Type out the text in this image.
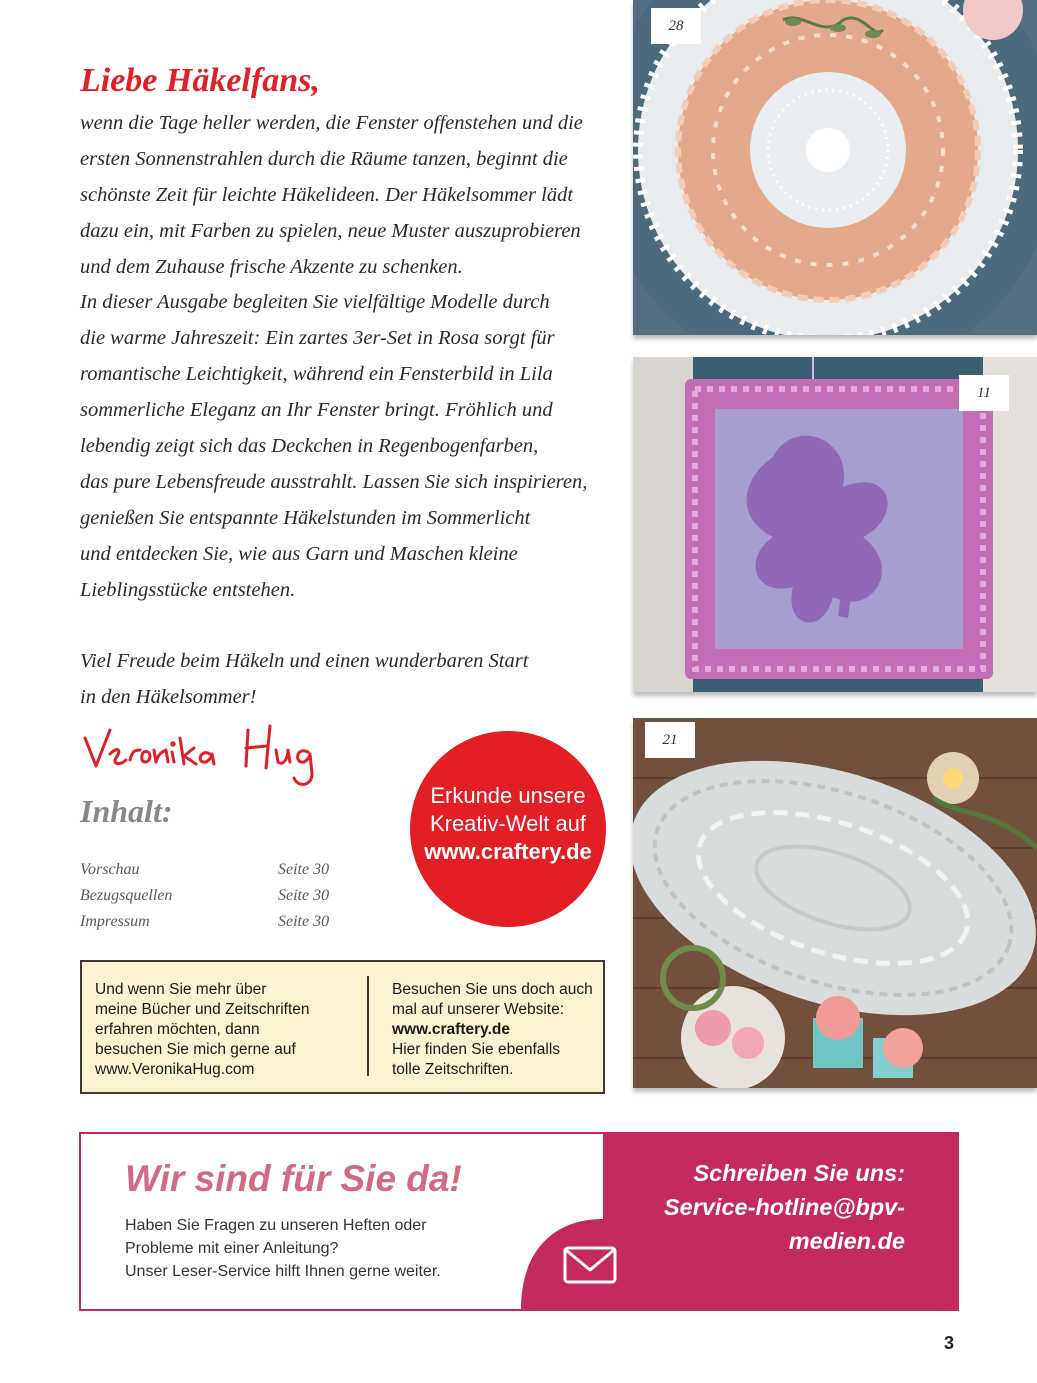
Liebe Häkelfans,
wenn die Tage heller werden, die Fenster offenstehen und die
ersten Sonnenstrahlen durch die Räume tanzen, beginnt die
schönste Zeit für leichte Häkelideen. Der Häkelsommer lädt
dazu ein, mit Farben zu spielen, neue Muster auszuprobieren
und dem Zuhause frische Akzente zu schenken.
In dieser Ausgabe begleiten Sie vielfältige Modelle durch
die warme Jahreszeit: Ein zartes 3er-Set in Rosa sorgt für
romantische Leichtigkeit, während ein Fensterbild in Lila
sommerliche Eleganz an Ihr Fenster bringt. Fröhlich und
lebendig zeigt sich das Deckchen in Regenbogenfarben,
das pure Lebensfreude ausstrahlt. Lassen Sie sich inspirieren,
genießen Sie entspannte Häkelstunden im Sommerlicht
und entdecken Sie, wie aus Garn und Maschen kleine
Lieblingsstücke entstehen.
Viel Freude beim Häkeln und einen wunderbaren Start
in den Häkelsommer!
Inhalt:
Vorschau	Seite 30
Bezugsquellen	Seite 30
Impressum	Seite 30
Erkunde unsere
Kreativ-Welt auf
www.craftery.de
Und wenn Sie mehr über
meine Bücher und Zeitschriften
erfahren möchten, dann
besuchen Sie mich gerne auf
www.VeronikaHug.com
Besuchen Sie uns doch auch
mal auf unserer Website:
www.craftery.de
Hier finden Sie ebenfalls
tolle Zeitschriften.
28
11
21
Wir sind für Sie da!
Haben Sie Fragen zu unseren Heften oder
Probleme mit einer Anleitung?
Unser Leser-Service hilft Ihnen gerne weiter.
Schreiben Sie uns:
Service-hotline@bpv-
medien.de
3
